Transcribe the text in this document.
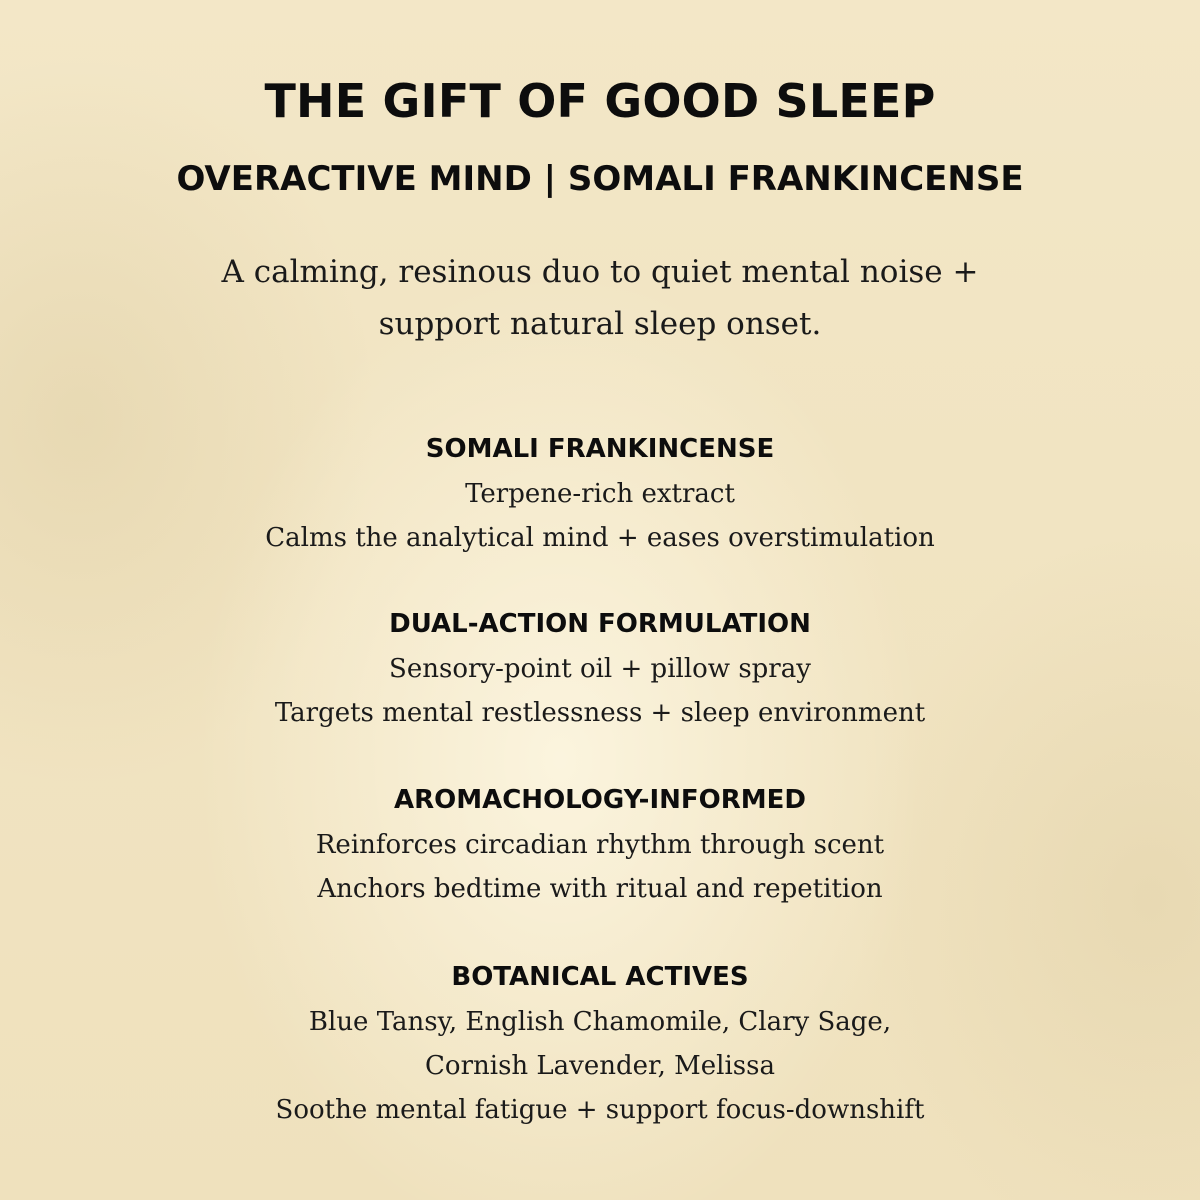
THE GIFT OF GOOD SLEEP
OVERACTIVE MIND | SOMALI FRANKINCENSE
A calming, resinous duo to quiet mental noise +
support natural sleep onset.
SOMALI FRANKINCENSE
Terpene-rich extract
Calms the analytical mind + eases overstimulation
DUAL-ACTION FORMULATION
Sensory-point oil + pillow spray
Targets mental restlessness + sleep environment
AROMACHOLOGY-INFORMED
Reinforces circadian rhythm through scent
Anchors bedtime with ritual and repetition
BOTANICAL ACTIVES
Blue Tansy, English Chamomile, Clary Sage,
Cornish Lavender, Melissa
Soothe mental fatigue + support focus-downshift
